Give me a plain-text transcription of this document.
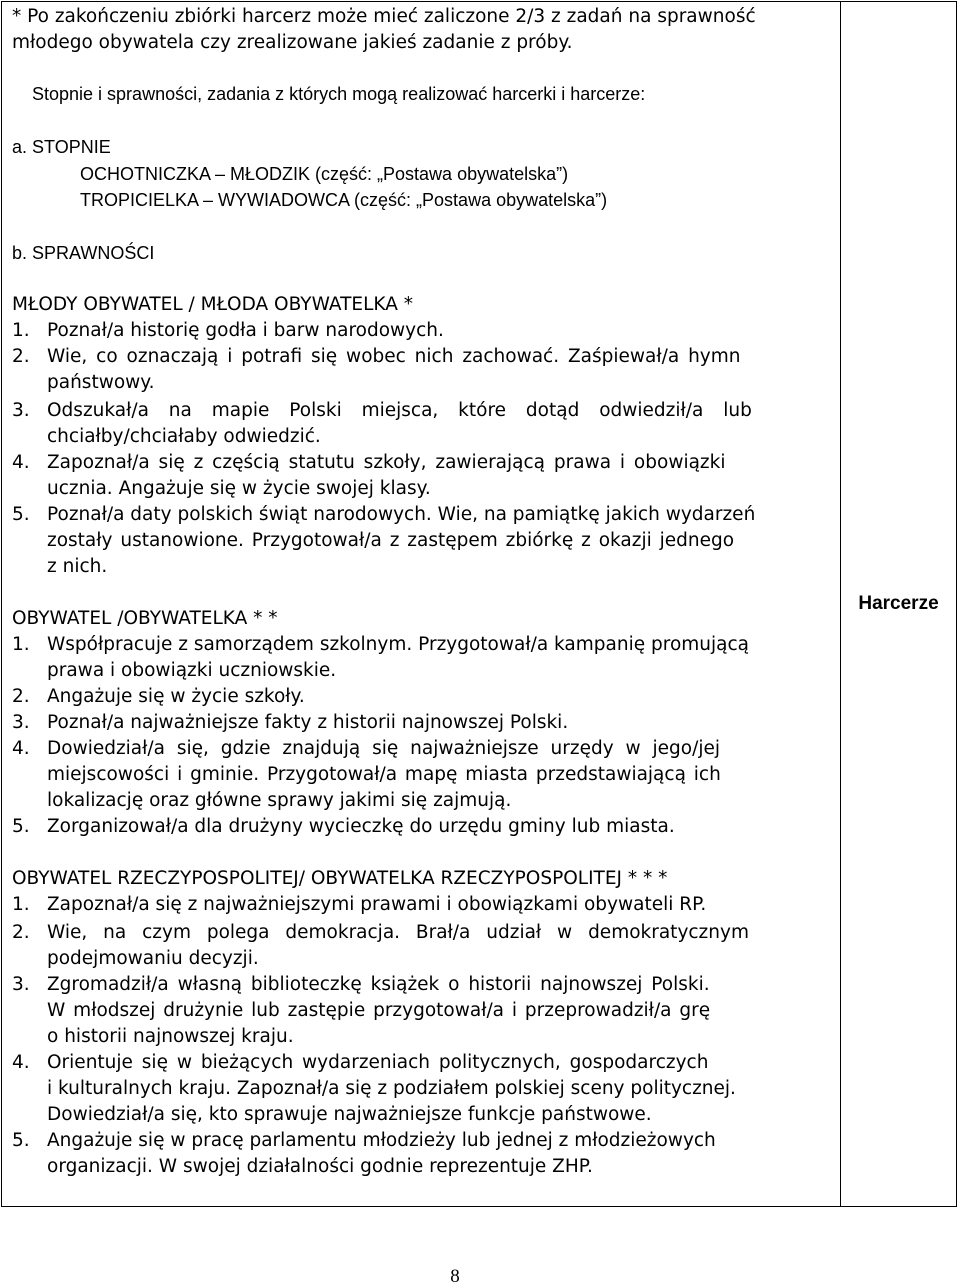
* Po zakończeniu zbiórki harcerz może mieć zaliczone 2/3 z zadań na sprawność
młodego obywatela czy zrealizowane jakieś zadanie z próby.
Stopnie i sprawności, zadania z których mogą realizować harcerki i harcerze:
a. STOPNIE
OCHOTNICZKA – MŁODZIK (część: „Postawa obywatelska”)
TROPICIELKA – WYWIADOWCA (część: „Postawa obywatelska”)
b. SPRAWNOŚCI
MŁODY OBYWATEL / MŁODA OBYWATELKA *
1. Poznał/a historię godła i barw narodowych.
2. Wie, co oznaczają i potrafi się wobec nich zachować. Zaśpiewał/a hymn
państwowy.
3. Odszukał/a na mapie Polski miejsca, które dotąd odwiedził/a lub
chciałby/chciałaby odwiedzić.
4. Zapoznał/a się z częścią statutu szkoły, zawierającą prawa i obowiązki
ucznia. Angażuje się w życie swojej klasy.
5. Poznał/a daty polskich świąt narodowych. Wie, na pamiątkę jakich wydarzeń
zostały ustanowione. Przygotował/a z zastępem zbiórkę z okazji jednego
z nich.
OBYWATEL /OBYWATELKA * *
1. Współpracuje z samorządem szkolnym. Przygotował/a kampanię promującą
prawa i obowiązki uczniowskie.
2. Angażuje się w życie szkoły.
3. Poznał/a najważniejsze fakty z historii najnowszej Polski.
4. Dowiedział/a się, gdzie znajdują się najważniejsze urzędy w jego/jej
miejscowości i gminie. Przygotował/a mapę miasta przedstawiającą ich
lokalizację oraz główne sprawy jakimi się zajmują.
5. Zorganizował/a dla drużyny wycieczkę do urzędu gminy lub miasta.
OBYWATEL RZECZYPOSPOLITEJ/ OBYWATELKA RZECZYPOSPOLITEJ * * *
1. Zapoznał/a się z najważniejszymi prawami i obowiązkami obywateli RP.
2. Wie, na czym polega demokracja. Brał/a udział w demokratycznym
podejmowaniu decyzji.
3. Zgromadził/a własną biblioteczkę książek o historii najnowszej Polski.
W młodszej drużynie lub zastępie przygotował/a i przeprowadził/a grę
o historii najnowszej kraju.
4. Orientuje się w bieżących wydarzeniach politycznych, gospodarczych
i kulturalnych kraju. Zapoznał/a się z podziałem polskiej sceny politycznej.
Dowiedział/a się, kto sprawuje najważniejsze funkcje państwowe.
5. Angażuje się w pracę parlamentu młodzieży lub jednej z młodzieżowych
organizacji. W swojej działalności godnie reprezentuje ZHP.
Harcerze
8
